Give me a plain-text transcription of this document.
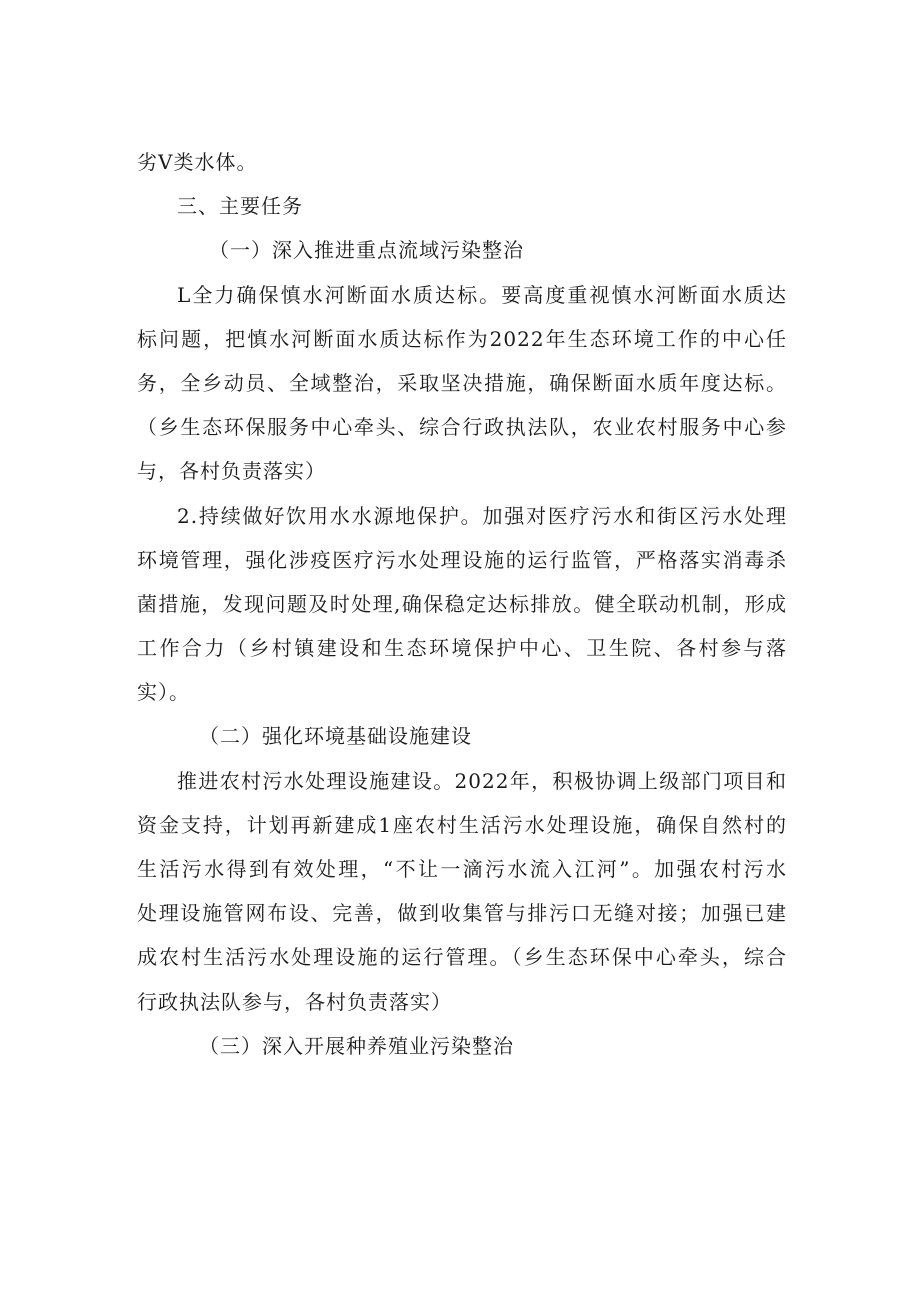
劣Ⅴ类水体。
三、主要任务
（一）深入推进重点流域污染整治
L全力确保慎水河断面水质达标。要高度重视慎水河断面水质达
标问题，把慎水河断面水质达标作为2022年生态环境工作的中心任
务，全乡动员、全域整治，采取坚决措施，确保断面水质年度达标。
（乡生态环保服务中心牵头、综合行政执法队，农业农村服务中心参
与，各村负责落实）
2.持续做好饮用水水源地保护。加强对医疗污水和街区污水处理
环境管理，强化涉疫医疗污水处理设施的运行监管，严格落实消毒杀
菌措施，发现问题及时处理,确保稳定达标排放。健全联动机制，形成
工作合力（乡村镇建设和生态环境保护中心、卫生院、各村参与落
实）。
（二）强化环境基础设施建设
推进农村污水处理设施建设。2022年，积极协调上级部门项目和
资金支持，计划再新建成1座农村生活污水处理设施，确保自然村的
生活污水得到有效处理，“不让一滴污水流入江河”。加强农村污水
处理设施管网布设、完善，做到收集管与排污口无缝对接；加强已建
成农村生活污水处理设施的运行管理。（乡生态环保中心牵头，综合
行政执法队参与，各村负责落实）
（三）深入开展种养殖业污染整治
